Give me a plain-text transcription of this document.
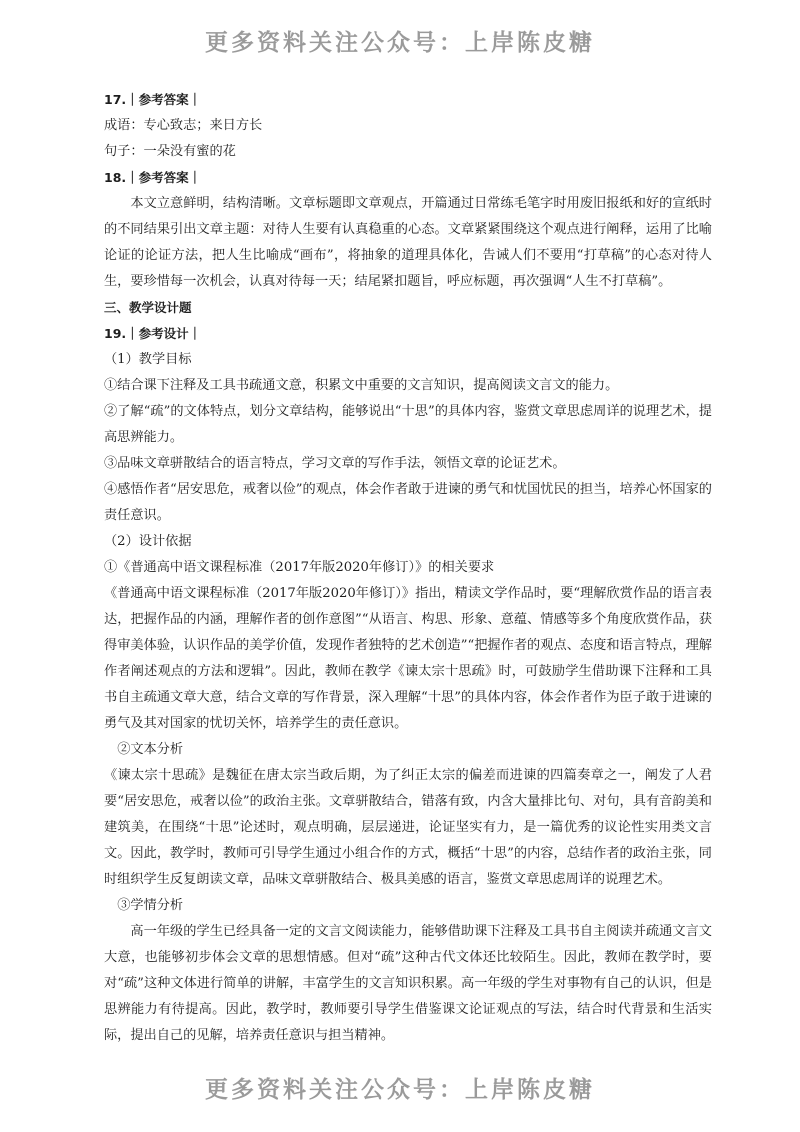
更多资料关注公众号：上岸陈皮糖

17.｜参考答案｜

成语：专心致志；来日方长

句子：一朵没有蜜的花

18.｜参考答案｜

本文立意鲜明，结构清晰。文章标题即文章观点，开篇通过日常练毛笔字时用废旧报纸和好的宣纸时的不同结果引出文章主题：对待人生要有认真稳重的心态。文章紧紧围绕这个观点进行阐释，运用了比喻论证的论证方法，把人生比喻成“画布”，将抽象的道理具体化，告诫人们不要用“打草稿”的心态对待人生，要珍惜每一次机会，认真对待每一天；结尾紧扣题旨，呼应标题，再次强调“人生不打草稿”。

三、教学设计题

19.｜参考设计｜

（1）教学目标

①结合课下注释及工具书疏通文意，积累文中重要的文言知识，提高阅读文言文的能力。

②了解“疏”的文体特点，划分文章结构，能够说出“十思”的具体内容，鉴赏文章思虑周详的说理艺术，提高思辨能力。

③品味文章骈散结合的语言特点，学习文章的写作手法，领悟文章的论证艺术。

④感悟作者“居安思危，戒奢以俭”的观点，体会作者敢于进谏的勇气和忧国忧民的担当，培养心怀国家的责任意识。

（2）设计依据

①《普通高中语文课程标准（2017年版2020年修订）》的相关要求

《普通高中语文课程标准（2017年版2020年修订）》指出，精读文学作品时，要“理解欣赏作品的语言表达，把握作品的内涵，理解作者的创作意图”“从语言、构思、形象、意蕴、情感等多个角度欣赏作品，获得审美体验，认识作品的美学价值，发现作者独特的艺术创造”“把握作者的观点、态度和语言特点，理解作者阐述观点的方法和逻辑”。因此，教师在教学《谏太宗十思疏》时，可鼓励学生借助课下注释和工具书自主疏通文章大意，结合文章的写作背景，深入理解“十思”的具体内容，体会作者作为臣子敢于进谏的勇气及其对国家的忧切关怀，培养学生的责任意识。

②文本分析

《谏太宗十思疏》是魏征在唐太宗当政后期，为了纠正太宗的偏差而进谏的四篇奏章之一，阐发了人君要“居安思危，戒奢以俭”的政治主张。文章骈散结合，错落有致，内含大量排比句、对句，具有音韵美和建筑美，在围绕“十思”论述时，观点明确，层层递进，论证坚实有力，是一篇优秀的议论性实用类文言文。因此，教学时，教师可引导学生通过小组合作的方式，概括“十思”的内容，总结作者的政治主张，同时组织学生反复朗读文章，品味文章骈散结合、极具美感的语言，鉴赏文章思虑周详的说理艺术。

③学情分析

高一年级的学生已经具备一定的文言文阅读能力，能够借助课下注释及工具书自主阅读并疏通文言文大意，也能够初步体会文章的思想情感。但对“疏”这种古代文体还比较陌生。因此，教师在教学时，要对“疏”这种文体进行简单的讲解，丰富学生的文言知识积累。高一年级的学生对事物有自己的认识，但是思辨能力有待提高。因此，教学时，教师要引导学生借鉴课文论证观点的写法，结合时代背景和生活实际，提出自己的见解，培养责任意识与担当精神。

更多资料关注公众号：上岸陈皮糖
